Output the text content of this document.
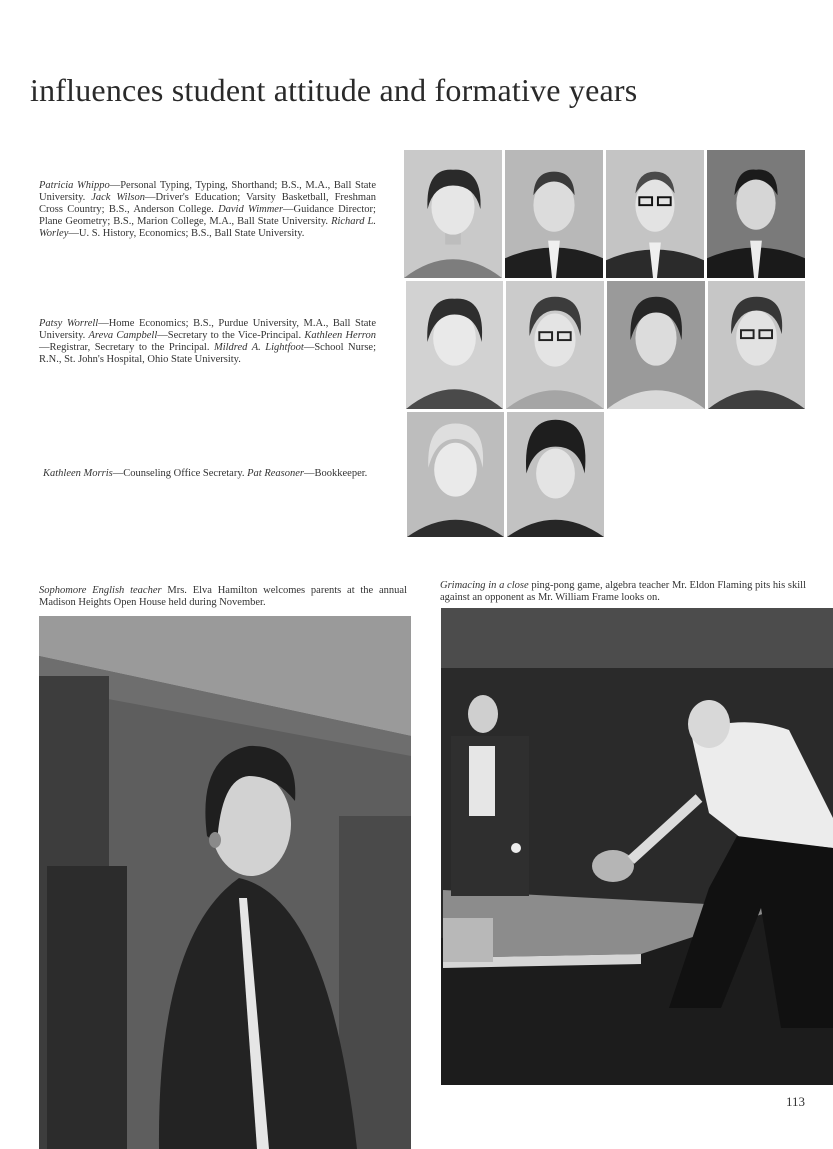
influences student attitude and formative years
Patricia Whippo—Personal Typing, Typing, Shorthand; B.S., M.A., Ball State University. Jack Wilson—Driver's Education; Varsity Basketball, Freshman Cross Country; B.S., Anderson College. David Wimmer—Guidance Director; Plane Geometry; B.S., Marion College, M.A., Ball State University. Richard L. Worley—U. S. History, Economics; B.S., Ball State University.
Patsy Worrell—Home Economics; B.S., Purdue University, M.A., Ball State University. Areva Campbell—Secretary to the Vice-Principal. Kathleen Herron—Registrar, Secretary to the Principal. Mildred A. Lightfoot—School Nurse; R.N., St. John's Hospital, Ohio State University.
Kathleen Morris—Counseling Office Secretary. Pat Reasoner—Bookkeeper.
Sophomore English teacher Mrs. Elva Hamilton welcomes parents at the annual Madison Heights Open House held during November.
Grimacing in a close ping-pong game, algebra teacher Mr. Eldon Flaming pits his skill against an opponent as Mr. William Frame looks on.
113
